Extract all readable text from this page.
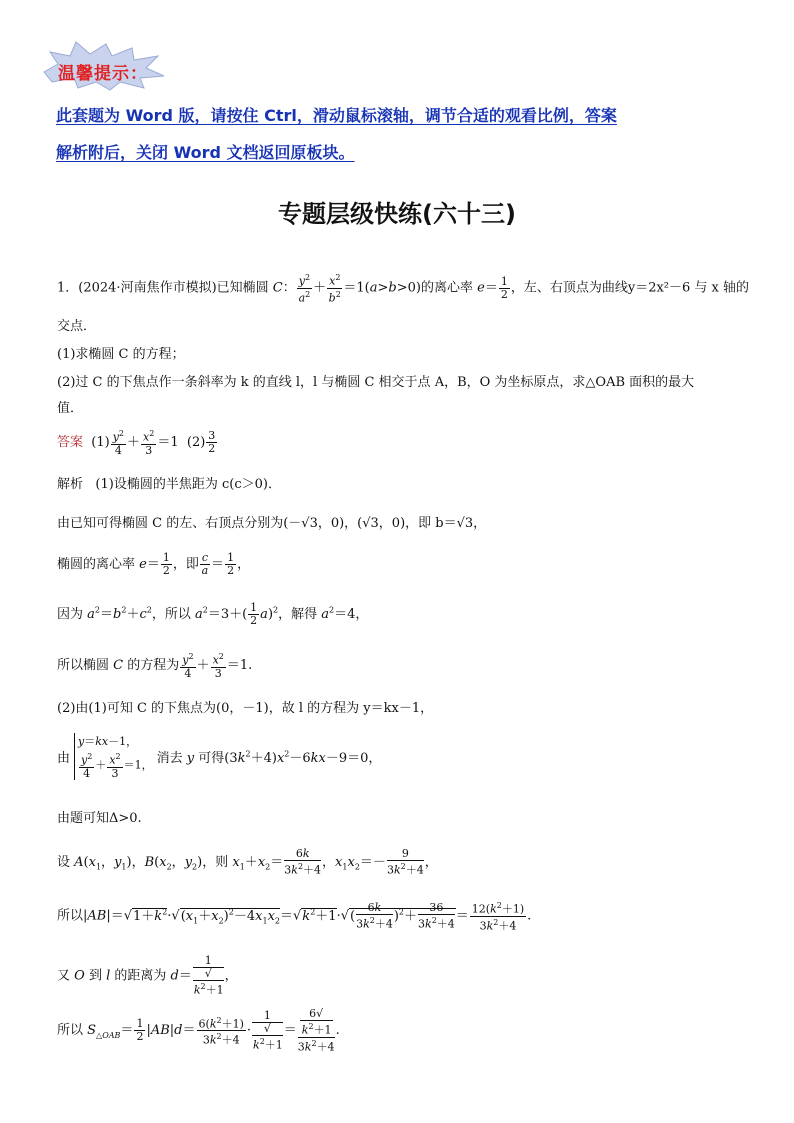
温馨提示：
此套题为 Word 版，请按住 Ctrl，滑动鼠标滚轴，调节合适的观看比例，答案
解析附后，关闭 Word 文档返回原板块。
专题层级快练(六十三)
1．(2024·河南焦作市模拟)已知椭圆 C： $\frac{y^2}{a^2} + \frac{x^2}{b^2} =1(a>b>0)$的离心率 $e= \frac{1}{2}$ ，左、右顶点为曲线y＝2x²－6 与 x 轴的
交点．
(1)求椭圆 C 的方程；
(2)过 C 的下焦点作一条斜率为 k 的直线 l，l 与椭圆 C 相交于点 A，B，O 为坐标原点，求△OAB 面积的最大
值．
答案  $(1) \frac{y^2}{4} + \frac{x^2}{3} =1$  $(2) \frac{3}{2}$
解析 (1)设椭圆的半焦距为 c(c＞0)．
由已知可得椭圆 C 的左、右顶点分别为(－√3，0)，(√3，0)，即 b＝√3，
椭圆的离心率 $e= \frac{1}{2}$ ，即 $\frac{c}{a} = \frac{1}{2}$ ，
因为 $a^2=b^2+c^2$，所以 $a^2=3+( \frac{1}{2} a)^2$，解得 $a^2=4$，
所以椭圆 C 的方程为 $\frac{y^2}{4} + \frac{x^2}{3} =1$.
(2)由(1)可知 C 的下焦点为(0，－1)，故 l 的方程为 y＝kx－1，
由
y＝kx－1，
$\frac{y^2}{4} + \frac{x^2}{3} =1$， 消去 y 可得$(3k^2+4)x^2-6kx-9=0$，
由题可知Δ>0.
设 $A(x_1$，$y_1$)，$B(x_2$，$y_2$)，则 $x_1+x_2= \frac{6k}{3k^2+4}$ ，$x_1x_2=- \frac{9}{3k^2+4}$ ，
所以$|AB|=√1+k^2\cdot√(x_1+x_2)^2-4x_1x_2=√k^2+1\cdot√( \frac{6k}{3k^2+4} )^2+ \frac{36}{3k^2+4} = \frac{12(k^2+1)}{3k^2+4}$ .
又 O 到 l 的距离为 d＝ 1
√
$k^2+1$ ，
所以 $S_{\triangle OAB}= \frac{1}{2} |AB|d= \frac{6(k^2+1)}{3k^2+4} \cdot 1$
√
$k^2+1 = 6√$
$k^2+1$
$3k^2+4$ .
